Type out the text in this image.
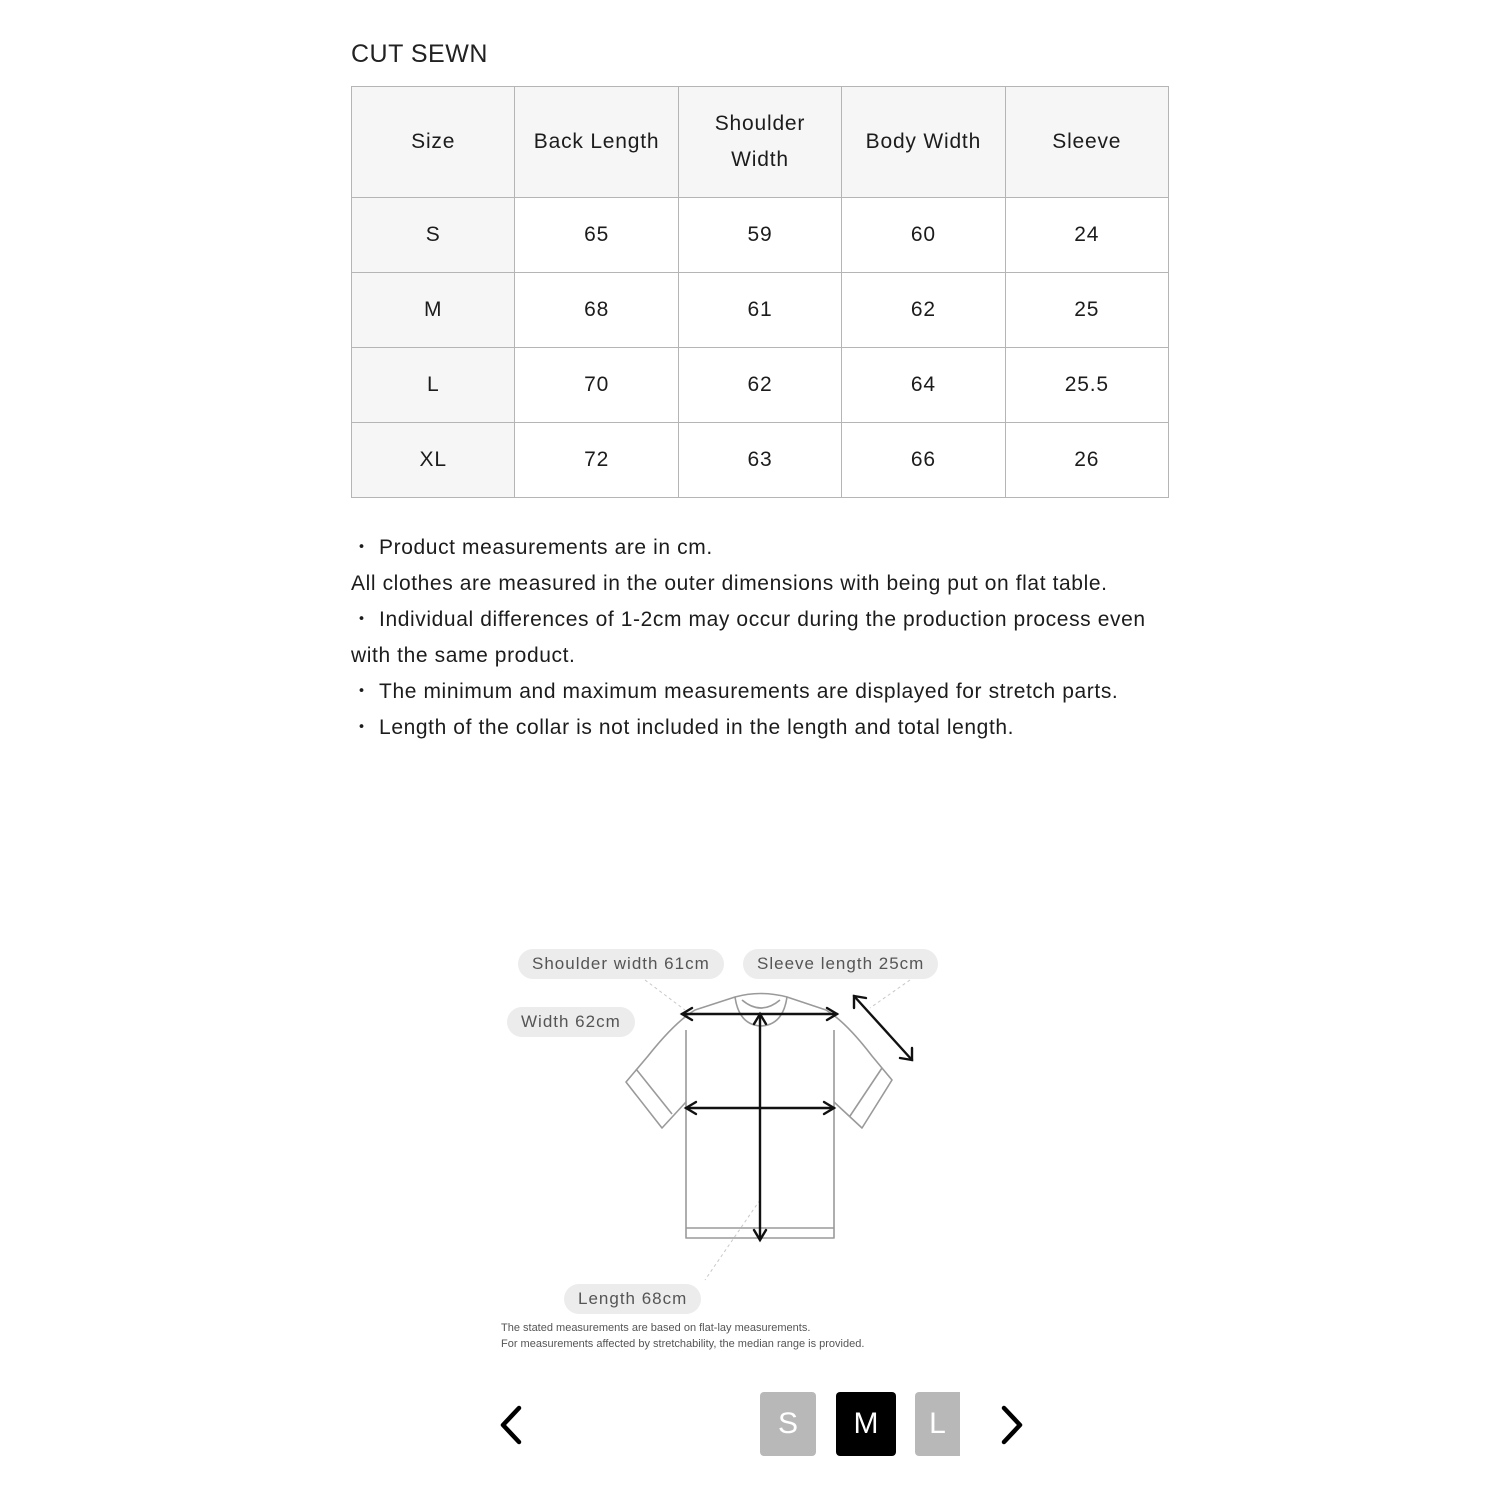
CUT SEWN
Size	Back Length	Shoulder Width	Body Width	Sleeve
S	65	59	60	24
M	68	61	62	25
L	70	62	64	25.5
XL	72	63	66	26

・ Product measurements are in cm.

All clothes are measured in the outer dimensions with being put on flat table.

・ Individual differences of 1-2cm may occur during the production process even with the same product.

・ The minimum and maximum measurements are displayed for stretch parts.

・ Length of the collar is not included in the length and total length.

Shoulder width 61cm	Sleeve length 25cm
Width 62cm
Length 68cm
The stated measurements are based on flat-lay measurements.
For measurements affected by stretchability, the median range is provided.
S	M	L
